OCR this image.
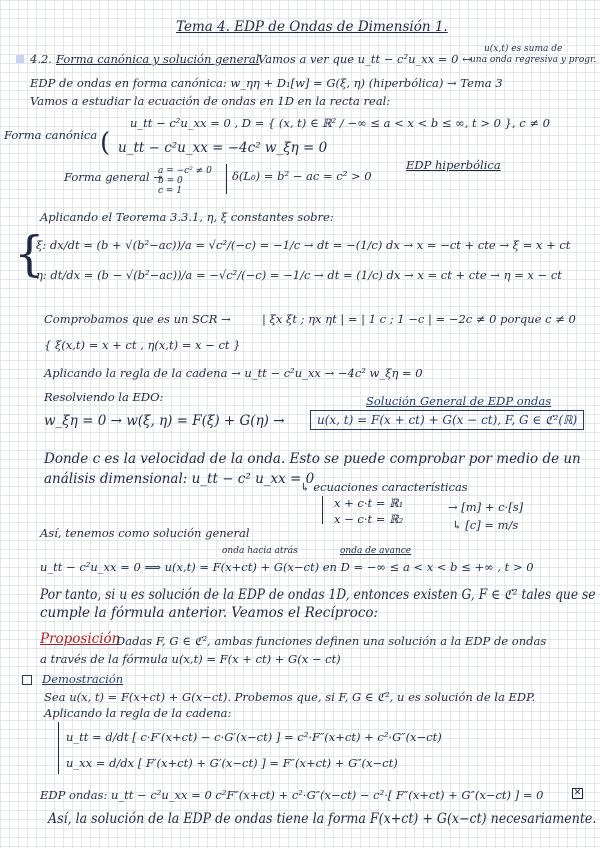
Tema 4. EDP de Ondas de Dimensión 1.
4.2. Forma canónica y solución general
Vamos a ver que u_tt − c²u_xx = 0 ↔
u(x,t) es suma de
una onda regresiva y progr.
EDP de ondas en forma canónica: w_ηη + D₁[w] = G(ξ, η) (hiperbólica) → Tema 3
Vamos a estudiar la ecuación de ondas en 1D en la recta real:
u_tt − c²u_xx = 0 , D = { (x, t) ∈ ℝ² / −∞ ≤ a < x < b ≤ ∞, t > 0 }, c ≠ 0
Forma canónica ( u_tt − c²u_xx = −4c² w_ξη = 0
Forma general →
a = −c² ≠ 0
b = 0
c = 1
δ(L₀) = b² − ac = c² > 0
EDP hiperbólica
Aplicando el Teorema 3.3.1, η, ξ constantes sobre:
{
ξ: dx/dt = (b + √(b²−ac))/a = √c²/(−c) = −1/c → dt = −(1/c) dx → x = −ct + cte → ξ = x + ct
η: dt/dx = (b − √(b²−ac))/a = −√c²/(−c) = −1/c → dt = (1/c) dx → x = ct + cte → η = x − ct
Comprobamos que es un SCR →	| ξx ξt ; ηx ηt | = | 1 c ; 1 −c | = −2c ≠ 0 porque c ≠ 0
{ ξ(x,t) = x + ct , η(x,t) = x − ct }
Aplicando la regla de la cadena → u_tt − c²u_xx → −4c² w_ξη = 0
Resolviendo la EDO:	Solución General de EDP ondas
w_ξη = 0 → w(ξ, η) = F(ξ) + G(η) →	u(x, t) = F(x + ct) + G(x − ct), F, G ∈ ℭ²(ℝ)
Donde c es la velocidad de la onda. Esto se puede comprobar por medio de un
análisis dimensional: u_tt − c² u_xx = 0
↳ ecuaciones características
x + c·t = ℝ₁
x − c·t = ℝ₂
→ [m] + c·[s]
↳ [c] = m/s
Así, tenemos como solución general
onda hacia atrás	onda de avance
u_tt − c²u_xx = 0 ⟹ u(x,t) = F(x+ct) + G(x−ct) en D = −∞ ≤ a < x < b ≤ +∞ , t > 0
Por tanto, si u es solución de la EDP de ondas 1D, entonces existen G, F ∈ ℭ² tales que se
cumple la fórmula anterior. Veamos el Recíproco:
Proposición
Dadas F, G ∈ ℭ², ambas funciones definen una solución a la EDP de ondas
a través de la fórmula u(x,t) = F(x + ct) + G(x − ct)
Demostración
Sea u(x, t) = F(x+ct) + G(x−ct). Probemos que, si F, G ∈ ℭ², u es solución de la EDP.
Aplicando la regla de la cadena:
u_tt = d/dt [ c·F′(x+ct) − c·G′(x−ct) ] = c²·F″(x+ct) + c²·G″(x−ct)
u_xx = d/dx [ F′(x+ct) + G′(x−ct) ] = F″(x+ct) + G″(x−ct)
EDP ondas: u_tt − c²u_xx = 0 c²F″(x+ct) + c²·G″(x−ct) − c²·[ F″(x+ct) + G″(x−ct) ] = 0	✕
Así, la solución de la EDP de ondas tiene la forma F(x+ct) + G(x−ct) necesariamente.
